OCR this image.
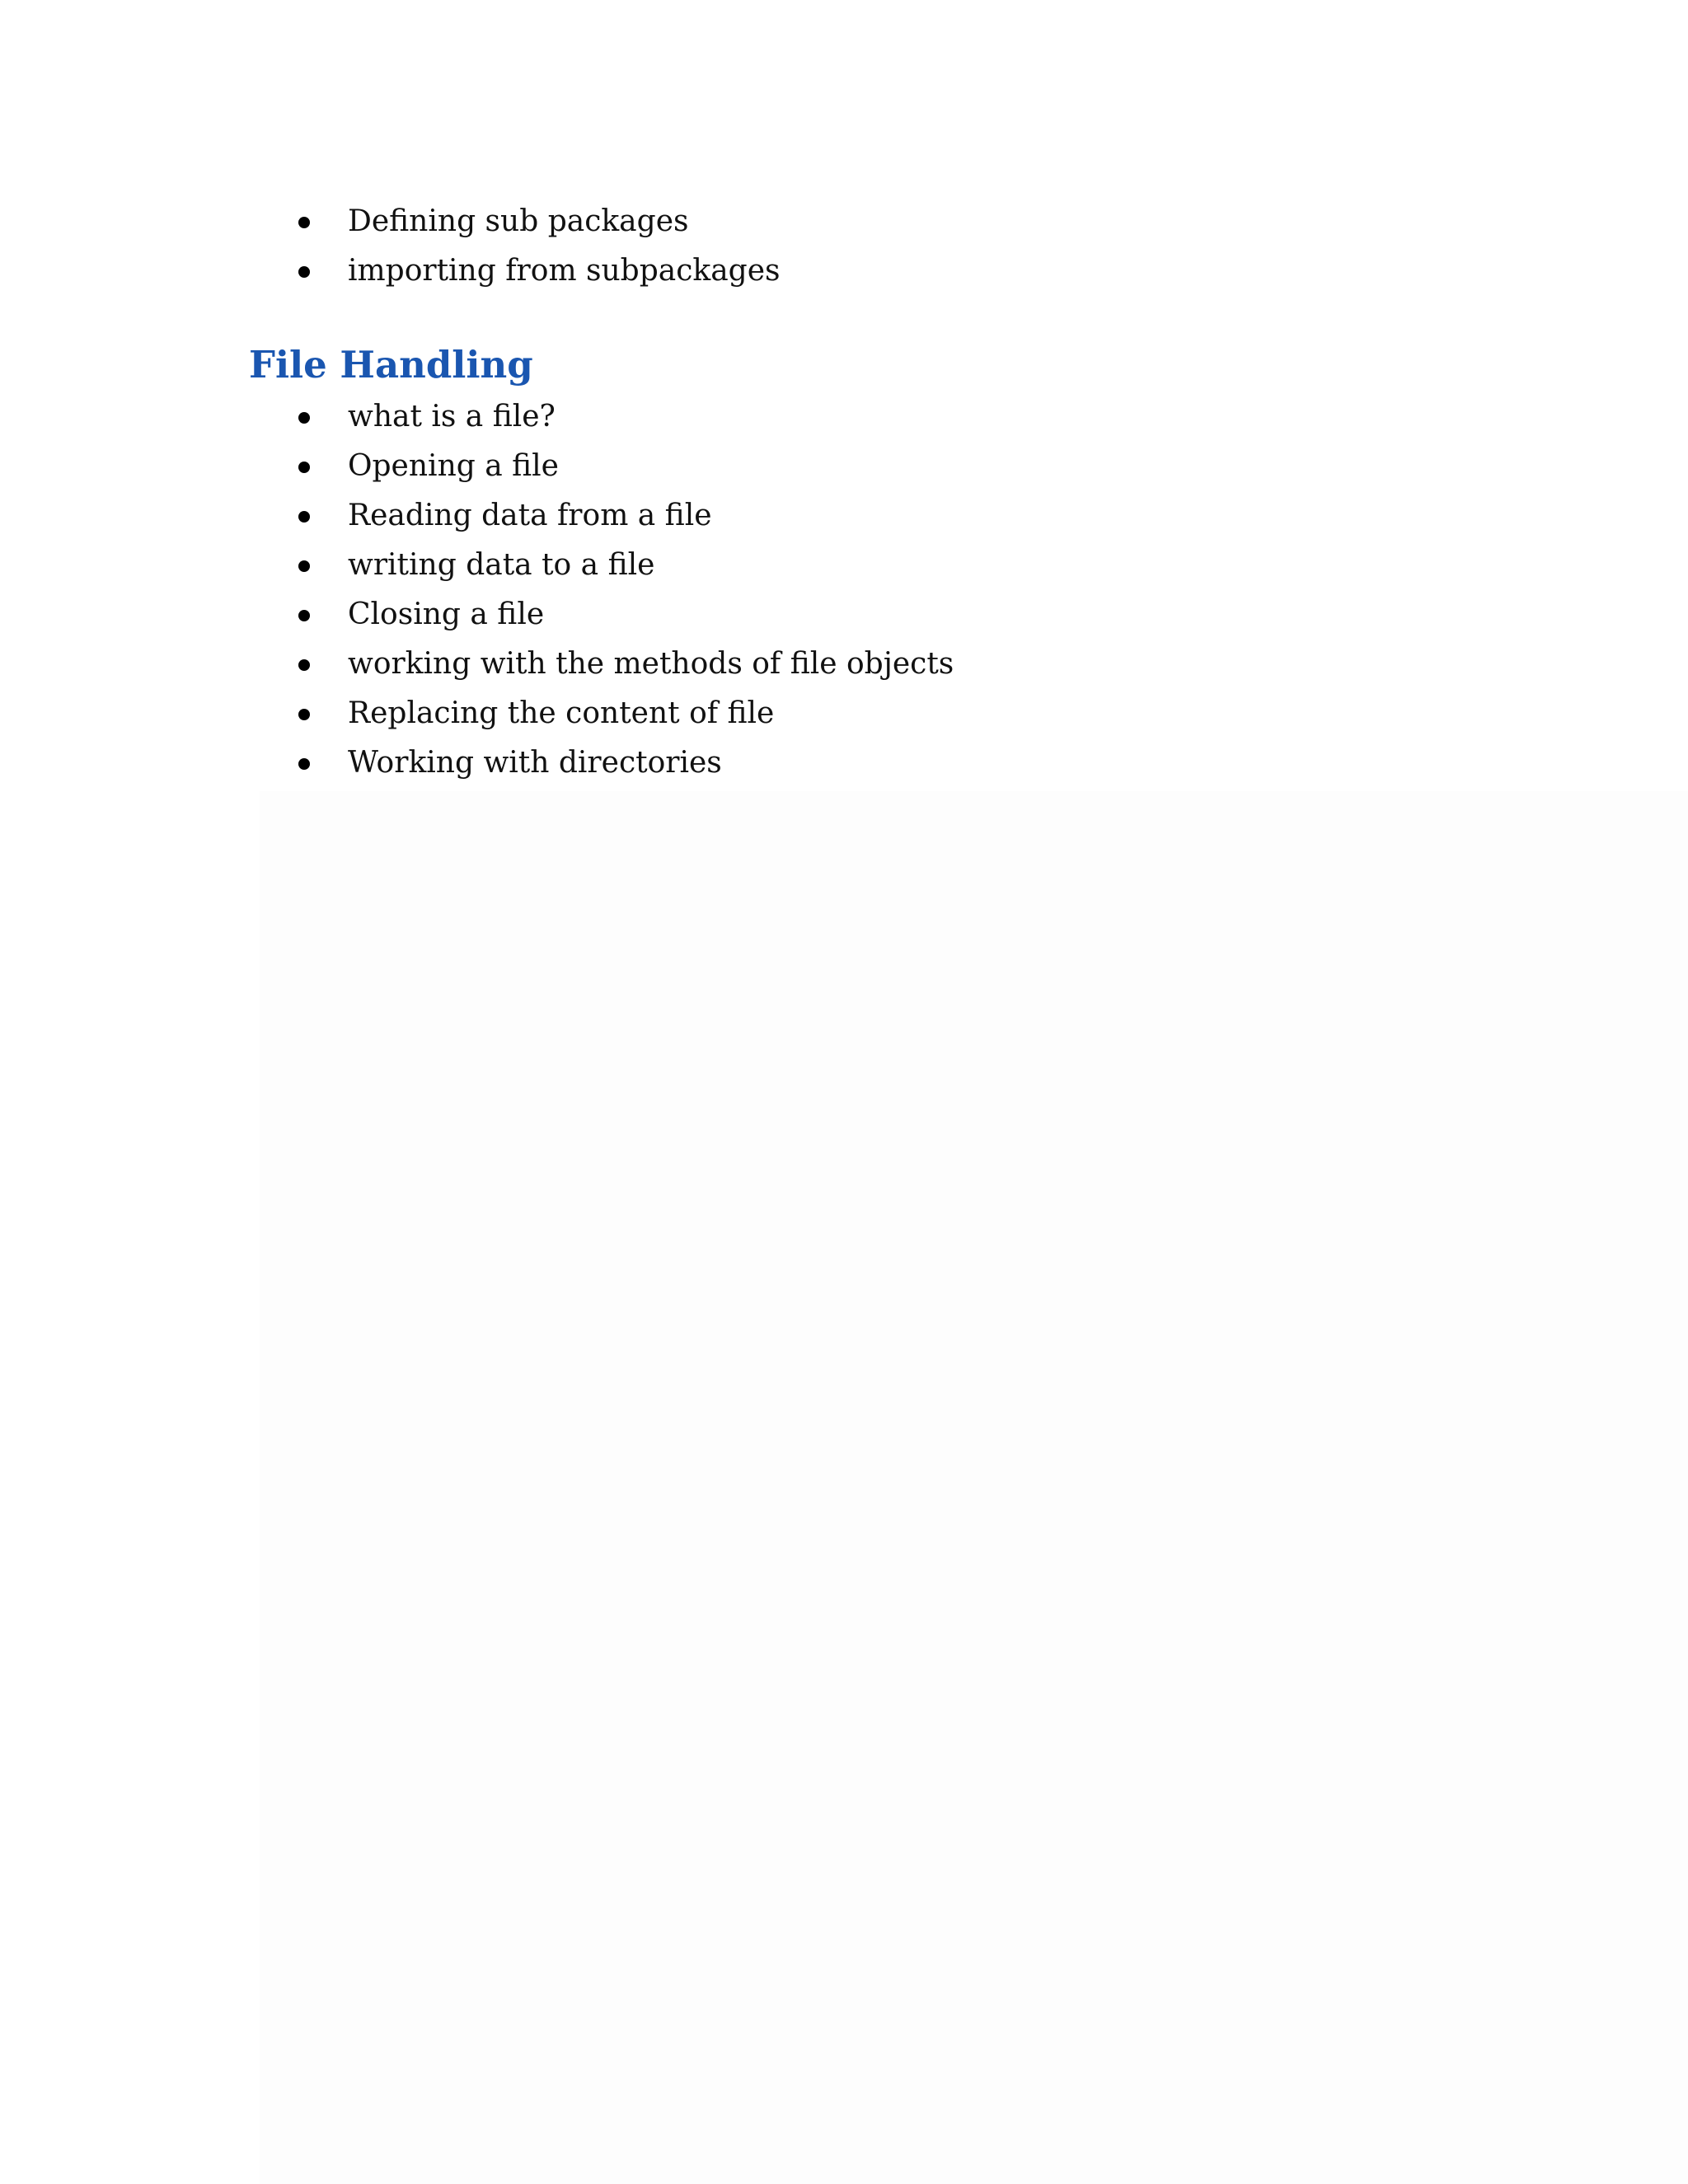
Defining sub packages
importing from subpackages
File Handling
what is a file?
Opening a file
Reading data from a file
writing data to a file
Closing a file
working with the methods of file objects
Replacing the content of file
Working with directories
